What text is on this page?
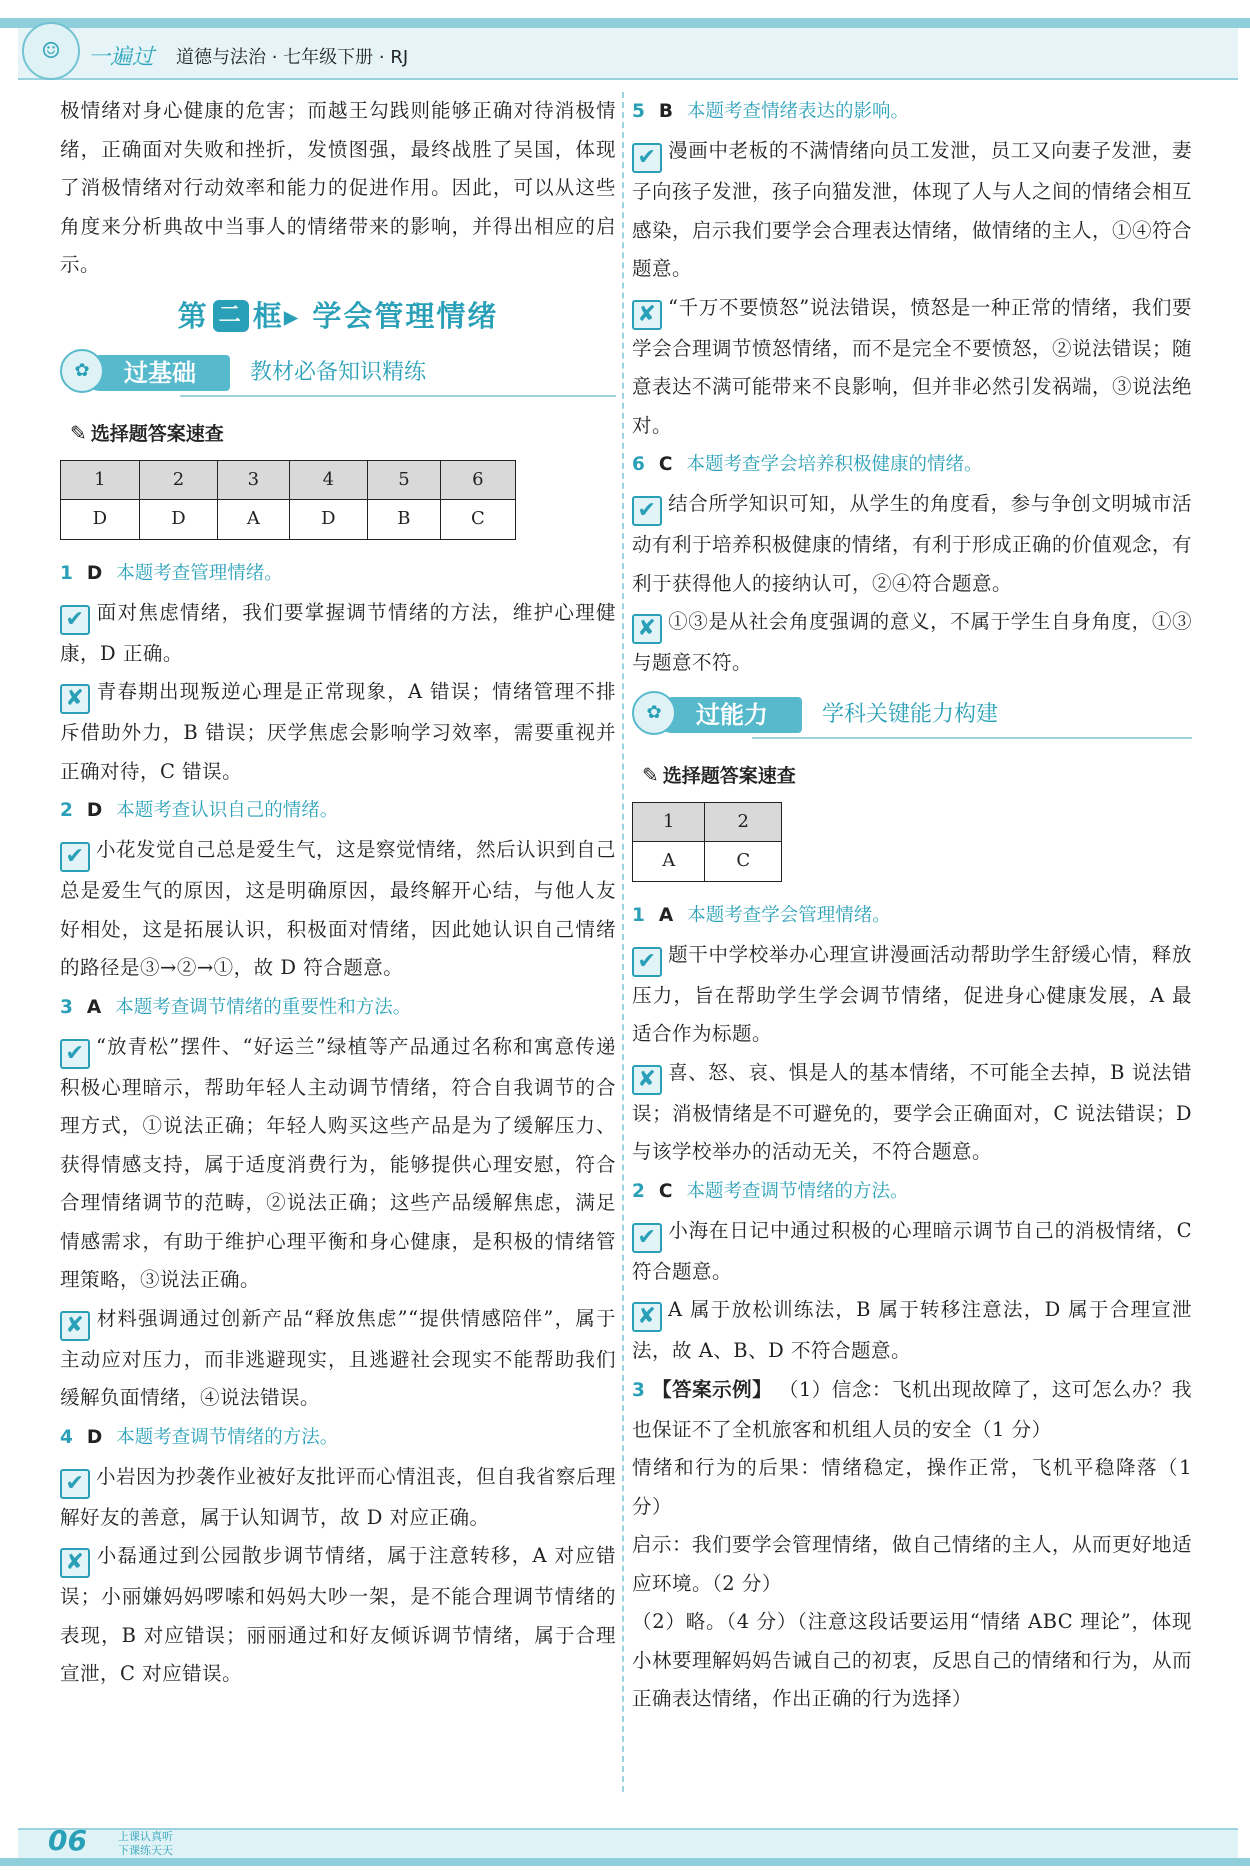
☺	一遍过 道德与法治 · 七年级下册 · RJ
极情绪对身心健康的危害；而越王勾践则能够正确对待消极情绪，正确面对失败和挫折，发愤图强，最终战胜了吴国，体现了消极情绪对行动效率和能力的促进作用。因此，可以从这些角度来分析典故中当事人的情绪带来的影响，并得出相应的启示。
第 二 框▸ 学会管理情绪
过基础
✿	教材必备知识精练
✎ 选择题答案速查
1	2	3	4	5	6
D	D	A	D	B	C
1 D 本题考查管理情绪。
✔ 面对焦虑情绪，我们要掌握调节情绪的方法，维护心理健康，D 正确。
✘ 青春期出现叛逆心理是正常现象，A 错误；情绪管理不排斥借助外力，B 错误；厌学焦虑会影响学习效率，需要重视并正确对待，C 错误。
2 D 本题考查认识自己的情绪。
✔ 小花发觉自己总是爱生气，这是察觉情绪，然后认识到自己总是爱生气的原因，这是明确原因，最终解开心结，与他人友好相处，这是拓展认识，积极面对情绪，因此她认识自己情绪的路径是③→②→①，故 D 符合题意。
3 A 本题考查调节情绪的重要性和方法。
✔ “放青松”摆件、“好运兰”绿植等产品通过名称和寓意传递积极心理暗示，帮助年轻人主动调节情绪，符合自我调节的合理方式，①说法正确；年轻人购买这些产品是为了缓解压力、获得情感支持，属于适度消费行为，能够提供心理安慰，符合合理情绪调节的范畴，②说法正确；这些产品缓解焦虑，满足情感需求，有助于维护心理平衡和身心健康，是积极的情绪管理策略，③说法正确。
✘ 材料强调通过创新产品“释放焦虑”“提供情感陪伴”，属于主动应对压力，而非逃避现实，且逃避社会现实不能帮助我们缓解负面情绪，④说法错误。
4 D 本题考查调节情绪的方法。
✔ 小岩因为抄袭作业被好友批评而心情沮丧，但自我省察后理解好友的善意，属于认知调节，故 D 对应正确。
✘ 小磊通过到公园散步调节情绪，属于注意转移，A 对应错误；小丽嫌妈妈啰嗦和妈妈大吵一架，是不能合理调节情绪的表现，B 对应错误；丽丽通过和好友倾诉调节情绪，属于合理宣泄，C 对应错误。
5 B 本题考查情绪表达的影响。
✔ 漫画中老板的不满情绪向员工发泄，员工又向妻子发泄，妻子向孩子发泄，孩子向猫发泄，体现了人与人之间的情绪会相互感染，启示我们要学会合理表达情绪，做情绪的主人，①④符合题意。
✘ “千万不要愤怒”说法错误，愤怒是一种正常的情绪，我们要学会合理调节愤怒情绪，而不是完全不要愤怒，②说法错误；随意表达不满可能带来不良影响，但并非必然引发祸端，③说法绝对。
6 C 本题考查学会培养积极健康的情绪。
✔ 结合所学知识可知，从学生的角度看，参与争创文明城市活动有利于培养积极健康的情绪，有利于形成正确的价值观念，有利于获得他人的接纳认可，②④符合题意。
✘ ①③是从社会角度强调的意义，不属于学生自身角度，①③与题意不符。
过能力
✿	学科关键能力构建
✎ 选择题答案速查
1	2
A	C
1 A 本题考查学会管理情绪。
✔ 题干中学校举办心理宣讲漫画活动帮助学生舒缓心情，释放压力，旨在帮助学生学会调节情绪，促进身心健康发展，A 最适合作为标题。
✘ 喜、怒、哀、惧是人的基本情绪，不可能全去掉，B 说法错误；消极情绪是不可避免的，要学会正确面对，C 说法错误；D 与该学校举办的活动无关，不符合题意。
2 C 本题考查调节情绪的方法。
✔ 小海在日记中通过积极的心理暗示调节自己的消极情绪，C 符合题意。
✘ A 属于放松训练法，B 属于转移注意法，D 属于合理宣泄法，故 A、B、D 不符合题意。
3 【答案示例】 （1）信念：飞机出现故障了，这可怎么办？我也保证不了全机旅客和机组人员的安全（1 分）
情绪和行为的后果：情绪稳定，操作正常，飞机平稳降落（1 分）
启示：我们要学会管理情绪，做自己情绪的主人，从而更好地适应环境。（2 分）
（2）略。（4 分）（注意这段话要运用“情绪 ABC 理论”，体现小林要理解妈妈告诫自己的初衷，反思自己的情绪和行为，从而正确表达情绪，作出正确的行为选择）
06	上课认真听
下课练天天
